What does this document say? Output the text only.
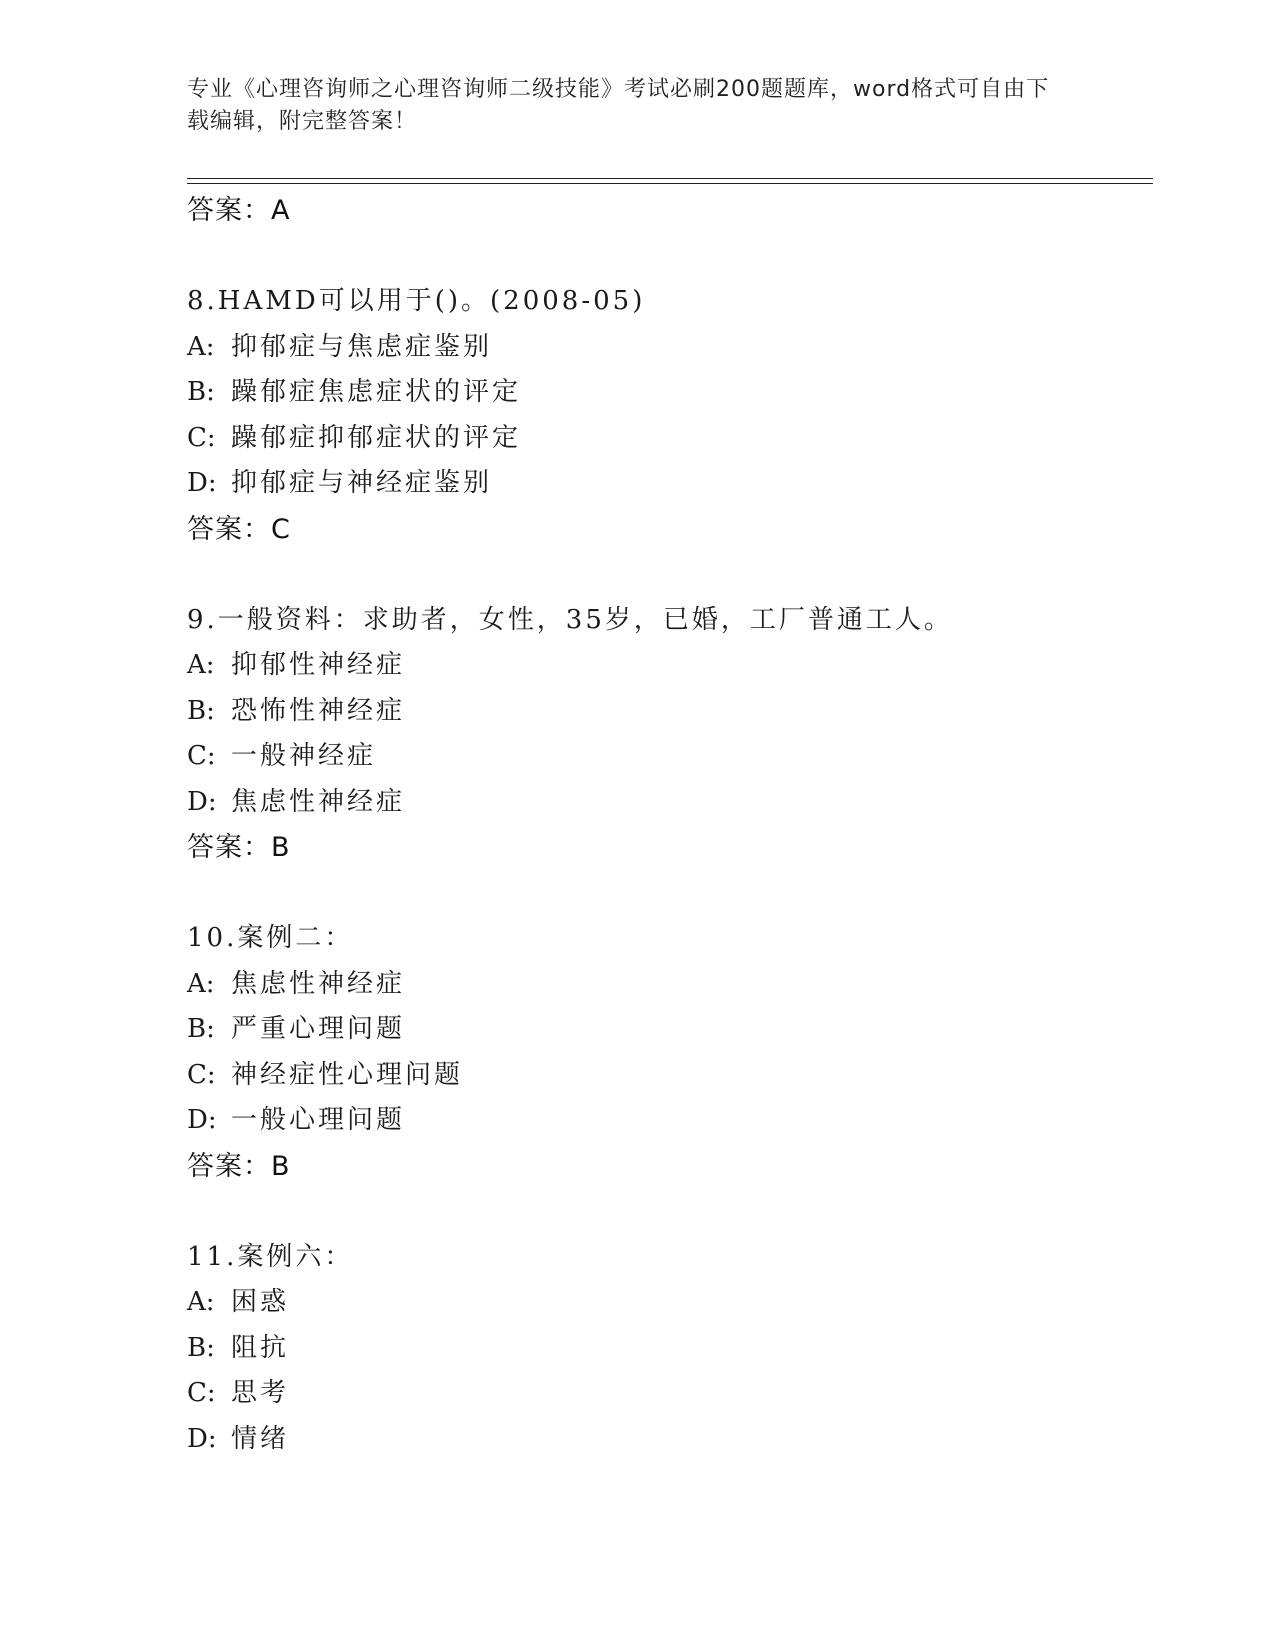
专业《心理咨询师之心理咨询师二级技能》考试必刷200题题库，word格式可自由下载编辑，附完整答案！
答案：A
8.HAMD可以用于()。(2008-05)
A: 抑郁症与焦虑症鉴别
B: 躁郁症焦虑症状的评定
C: 躁郁症抑郁症状的评定
D: 抑郁症与神经症鉴别
答案：C
9.一般资料：求助者，女性，35岁，已婚，工厂普通工人。
A: 抑郁性神经症
B: 恐怖性神经症
C: 一般神经症
D: 焦虑性神经症
答案：B
10.案例二：
A: 焦虑性神经症
B: 严重心理问题
C: 神经症性心理问题
D: 一般心理问题
答案：B
11.案例六：
A: 困惑
B: 阻抗
C: 思考
D: 情绪
